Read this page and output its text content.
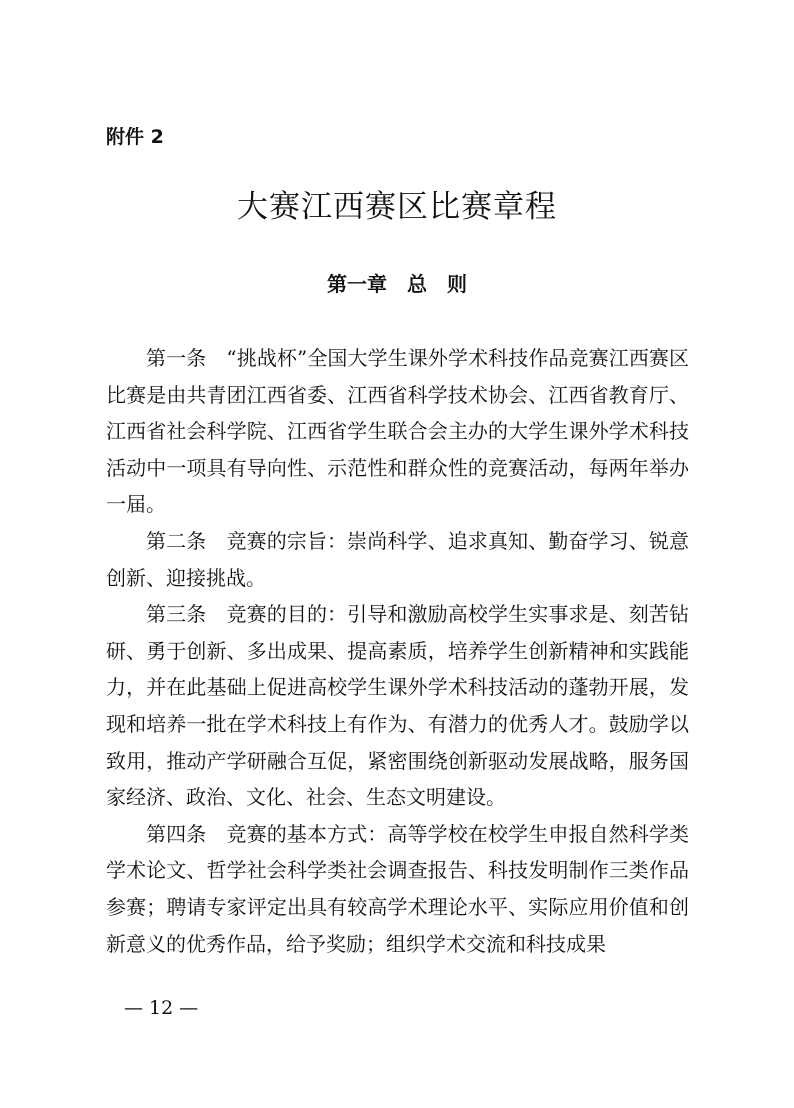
附件 2
大赛江西赛区比赛章程
第一章　总　则

第一条　 “挑战杯”全国大学生课外学术科技作品竞赛江西赛区比赛是由共青团江西省委、江西省科学技术协会、江西省教育厅、江西省社会科学院、江西省学生联合会主办的大学生课外学术科技活动中一项具有导向性、示范性和群众性的竞赛活动，每两年举办一届。

第二条　 竞赛的宗旨：崇尚科学、追求真知、勤奋学习、锐意创新、迎接挑战。

第三条　 竞赛的目的：引导和激励高校学生实事求是、刻苦钻研、勇于创新、多出成果、提高素质，培养学生创新精神和实践能力，并在此基础上促进高校学生课外学术科技活动的蓬勃开展，发现和培养一批在学术科技上有作为、有潜力的优秀人才。鼓励学以致用，推动产学研融合互促，紧密围绕创新驱动发展战略，服务国家经济、政治、文化、社会、生态文明建设。

第四条　 竞赛的基本方式：高等学校在校学生申报自然科学类学术论文、哲学社会科学类社会调查报告、科技发明制作三类作品参赛；聘请专家评定出具有较高学术理论水平、实际应用价值和创新意义的优秀作品，给予奖励；组织学术交流和科技成果

— 12 —
